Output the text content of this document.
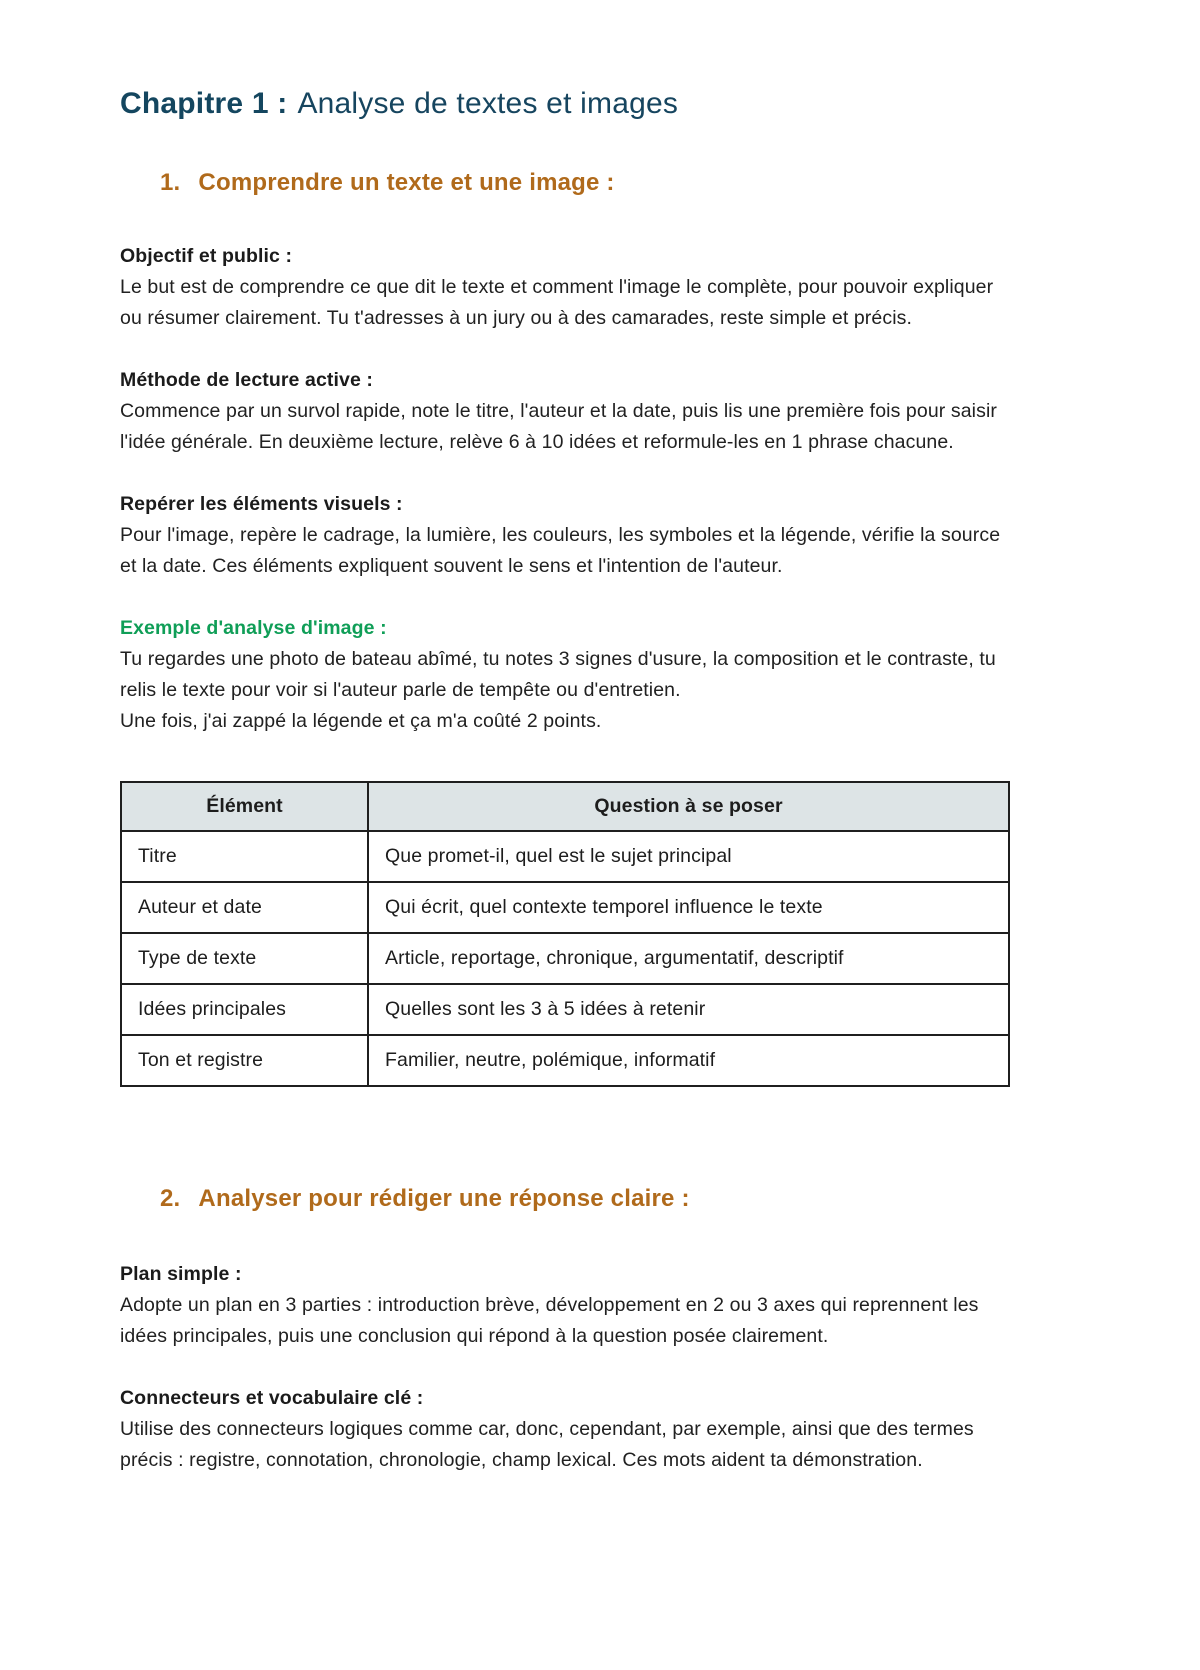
Chapitre 1 : Analyse de textes et images
1. Comprendre un texte et une image :
Objectif et public :
Le but est de comprendre ce que dit le texte et comment l'image le complète, pour pouvoir expliquer ou résumer clairement. Tu t'adresses à un jury ou à des camarades, reste simple et précis.
Méthode de lecture active :
Commence par un survol rapide, note le titre, l'auteur et la date, puis lis une première fois pour saisir l'idée générale. En deuxième lecture, relève 6 à 10 idées et reformule-les en 1 phrase chacune.
Repérer les éléments visuels :
Pour l'image, repère le cadrage, la lumière, les couleurs, les symboles et la légende, vérifie la source et la date. Ces éléments expliquent souvent le sens et l'intention de l'auteur.
Exemple d'analyse d'image :
Tu regardes une photo de bateau abîmé, tu notes 3 signes d'usure, la composition et le contraste, tu relis le texte pour voir si l'auteur parle de tempête ou d'entretien.
Une fois, j'ai zappé la légende et ça m'a coûté 2 points.
Élément	Question à se poser
Titre	Que promet-il, quel est le sujet principal
Auteur et date	Qui écrit, quel contexte temporel influence le texte
Type de texte	Article, reportage, chronique, argumentatif, descriptif
Idées principales	Quelles sont les 3 à 5 idées à retenir
Ton et registre	Familier, neutre, polémique, informatif
2. Analyser pour rédiger une réponse claire :
Plan simple :
Adopte un plan en 3 parties : introduction brève, développement en 2 ou 3 axes qui reprennent les idées principales, puis une conclusion qui répond à la question posée clairement.
Connecteurs et vocabulaire clé :
Utilise des connecteurs logiques comme car, donc, cependant, par exemple, ainsi que des termes précis : registre, connotation, chronologie, champ lexical. Ces mots aident ta démonstration.
